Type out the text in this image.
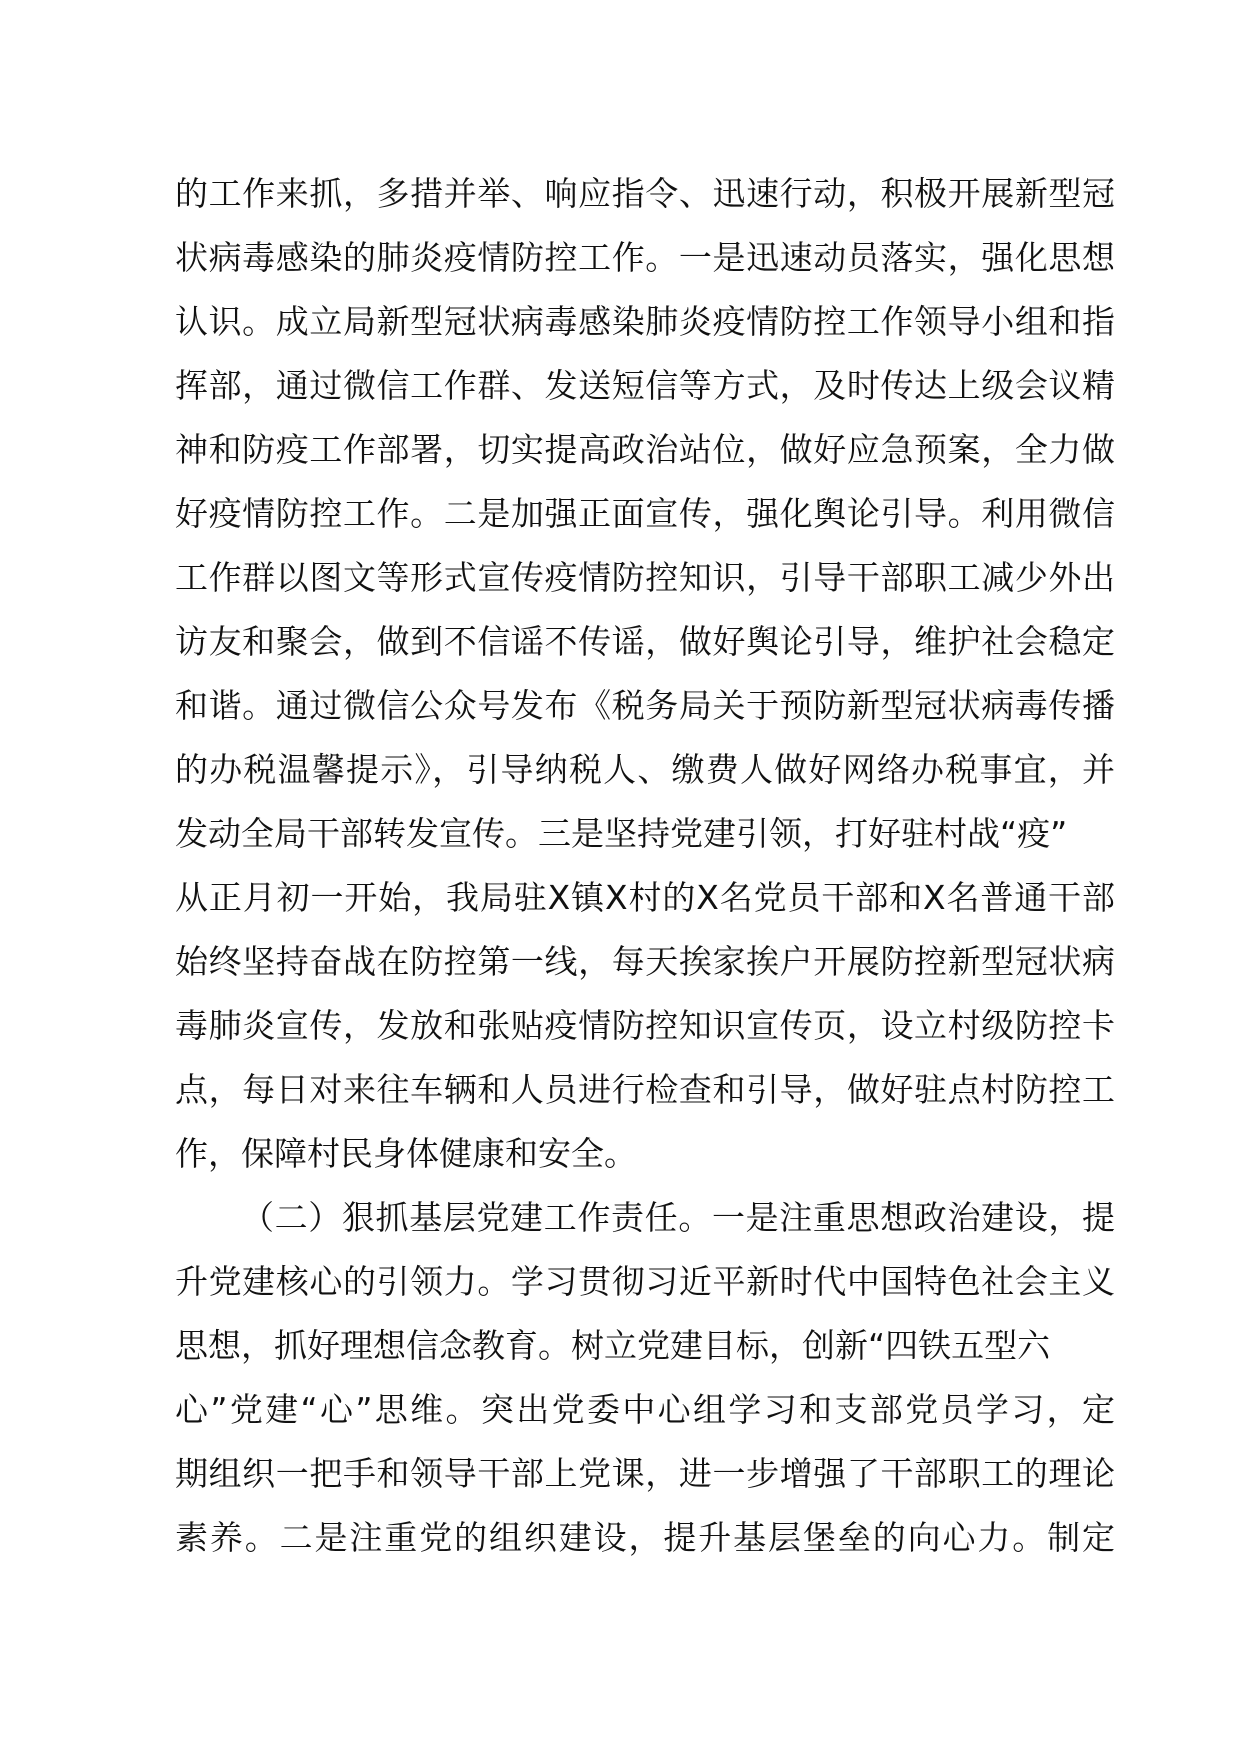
的工作来抓，多措并举、响应指令、迅速行动，积极开展新型冠
状病毒感染的肺炎疫情防控工作。一是迅速动员落实，强化思想
认识。成立局新型冠状病毒感染肺炎疫情防控工作领导小组和指
挥部，通过微信工作群、发送短信等方式，及时传达上级会议精
神和防疫工作部署，切实提高政治站位，做好应急预案，全力做
好疫情防控工作。二是加强正面宣传，强化舆论引导。利用微信
工作群以图文等形式宣传疫情防控知识，引导干部职工减少外出
访友和聚会，做到不信谣不传谣，做好舆论引导，维护社会稳定
和谐。通过微信公众号发布《税务局关于预防新型冠状病毒传播
的办税温馨提示》，引导纳税人、缴费人做好网络办税事宜，并
发动全局干部转发宣传。三是坚持党建引领，打好驻村战“疫”
从正月初一开始，我局驻X镇X村的X名党员干部和X名普通干部
始终坚持奋战在防控第一线，每天挨家挨户开展防控新型冠状病
毒肺炎宣传，发放和张贴疫情防控知识宣传页，设立村级防控卡
点，每日对来往车辆和人员进行检查和引导，做好驻点村防控工
作，保障村民身体健康和安全。
（二）狠抓基层党建工作责任。一是注重思想政治建设，提
升党建核心的引领力。学习贯彻习近平新时代中国特色社会主义
思想，抓好理想信念教育。树立党建目标，创新“四铁五型六
心”党建“心”思维。突出党委中心组学习和支部党员学习，定
期组织一把手和领导干部上党课，进一步增强了干部职工的理论
素养。二是注重党的组织建设，提升基层堡垒的向心力。制定
